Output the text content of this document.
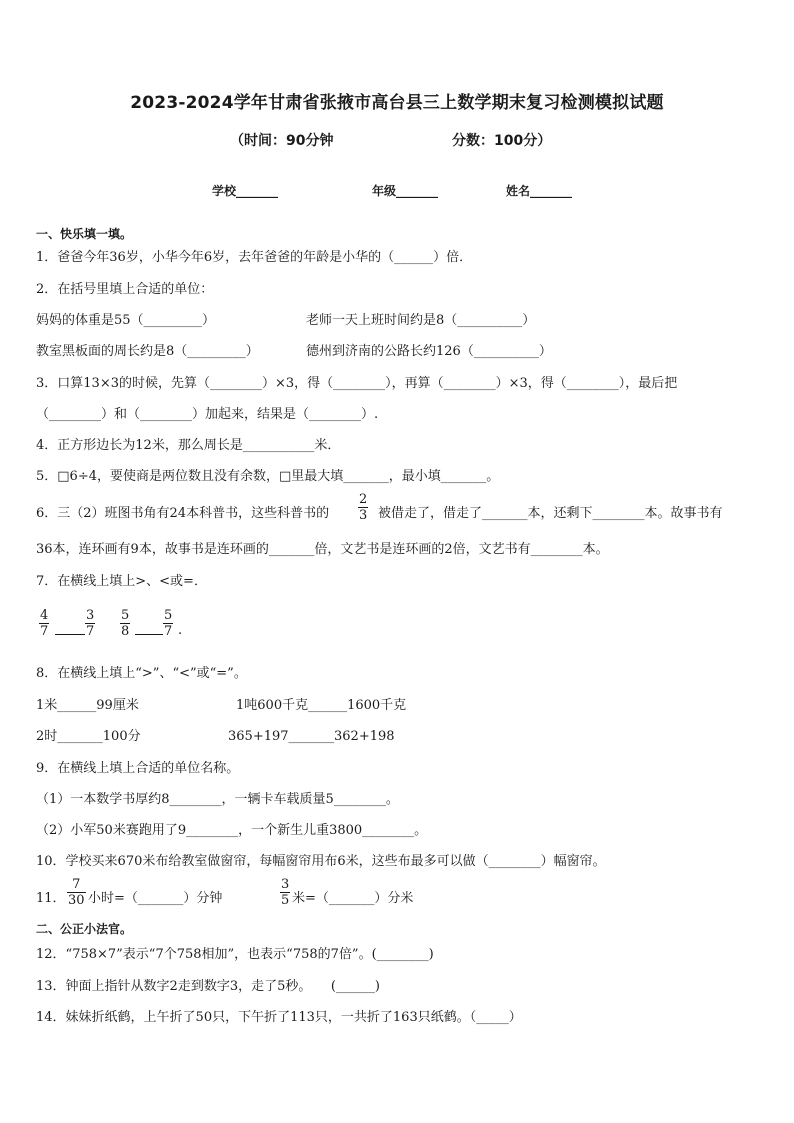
2023-2024学年甘肃省张掖市高台县三上数学期末复习检测模拟试题
（时间：90分钟	分数：100分）
学校_______	年级_______	姓名_______
一、快乐填一填。
1．爸爸今年36岁，小华今年6岁，去年爸爸的年龄是小华的（______）倍．
2．在括号里填上合适的单位：
妈妈的体重是55（_________）	老师一天上班时间约是8（__________）
教室黑板面的周长约是8（_________）	德州到济南的公路长约126（__________）
3．口算13×3的时候，先算（________）×3，得（________），再算（________）×3，得（________），最后把
（________）和（________）加起来，结果是（________）.
4．正方形边长为12米，那么周长是___________米．
5．□6÷4，要使商是两位数且没有余数，□里最大填_______，最小填_______。
6．三（2）班图书角有24本科普书，这些科普书的 $\frac{2}{3}$ 被借走了，借走了_______本，还剩下________本。故事书有
36本，连环画有9本，故事书是连环画的_______倍，文艺书是连环画的2倍，文艺书有________本。
7．在横线上填上>、<或=．
$\frac{4}{7}$	$\frac{3}{7} \frac{5}{8}$	$\frac{5}{7}$ .
8．在横线上填上“>”、“<”或“=”。
1米______99厘米	1吨600千克______1600千克
2时_______100分	365+197_______362+198
9．在横线上填上合适的单位名称。
（1）一本数学书厚约8________，一辆卡车载质量5________。
（2）小军50米赛跑用了9________，一个新生儿重3800________。
10．学校买来670米布给教室做窗帘，每幅窗帘用布6米，这些布最多可以做（________）幅窗帘。
11． $\frac{7}{30}$ 小时=（_______）分钟	$\frac{3}{5}$ 米=（_______）分米
二、公正小法官。
12．“758×7”表示“7个758相加”，也表示“758的7倍”。(________)
13．钟面上指针从数字2走到数字3，走了5秒。　　(______)
14．妹妹折纸鹤，上午折了50只，下午折了113只，一共折了163只纸鹤。（_____）
